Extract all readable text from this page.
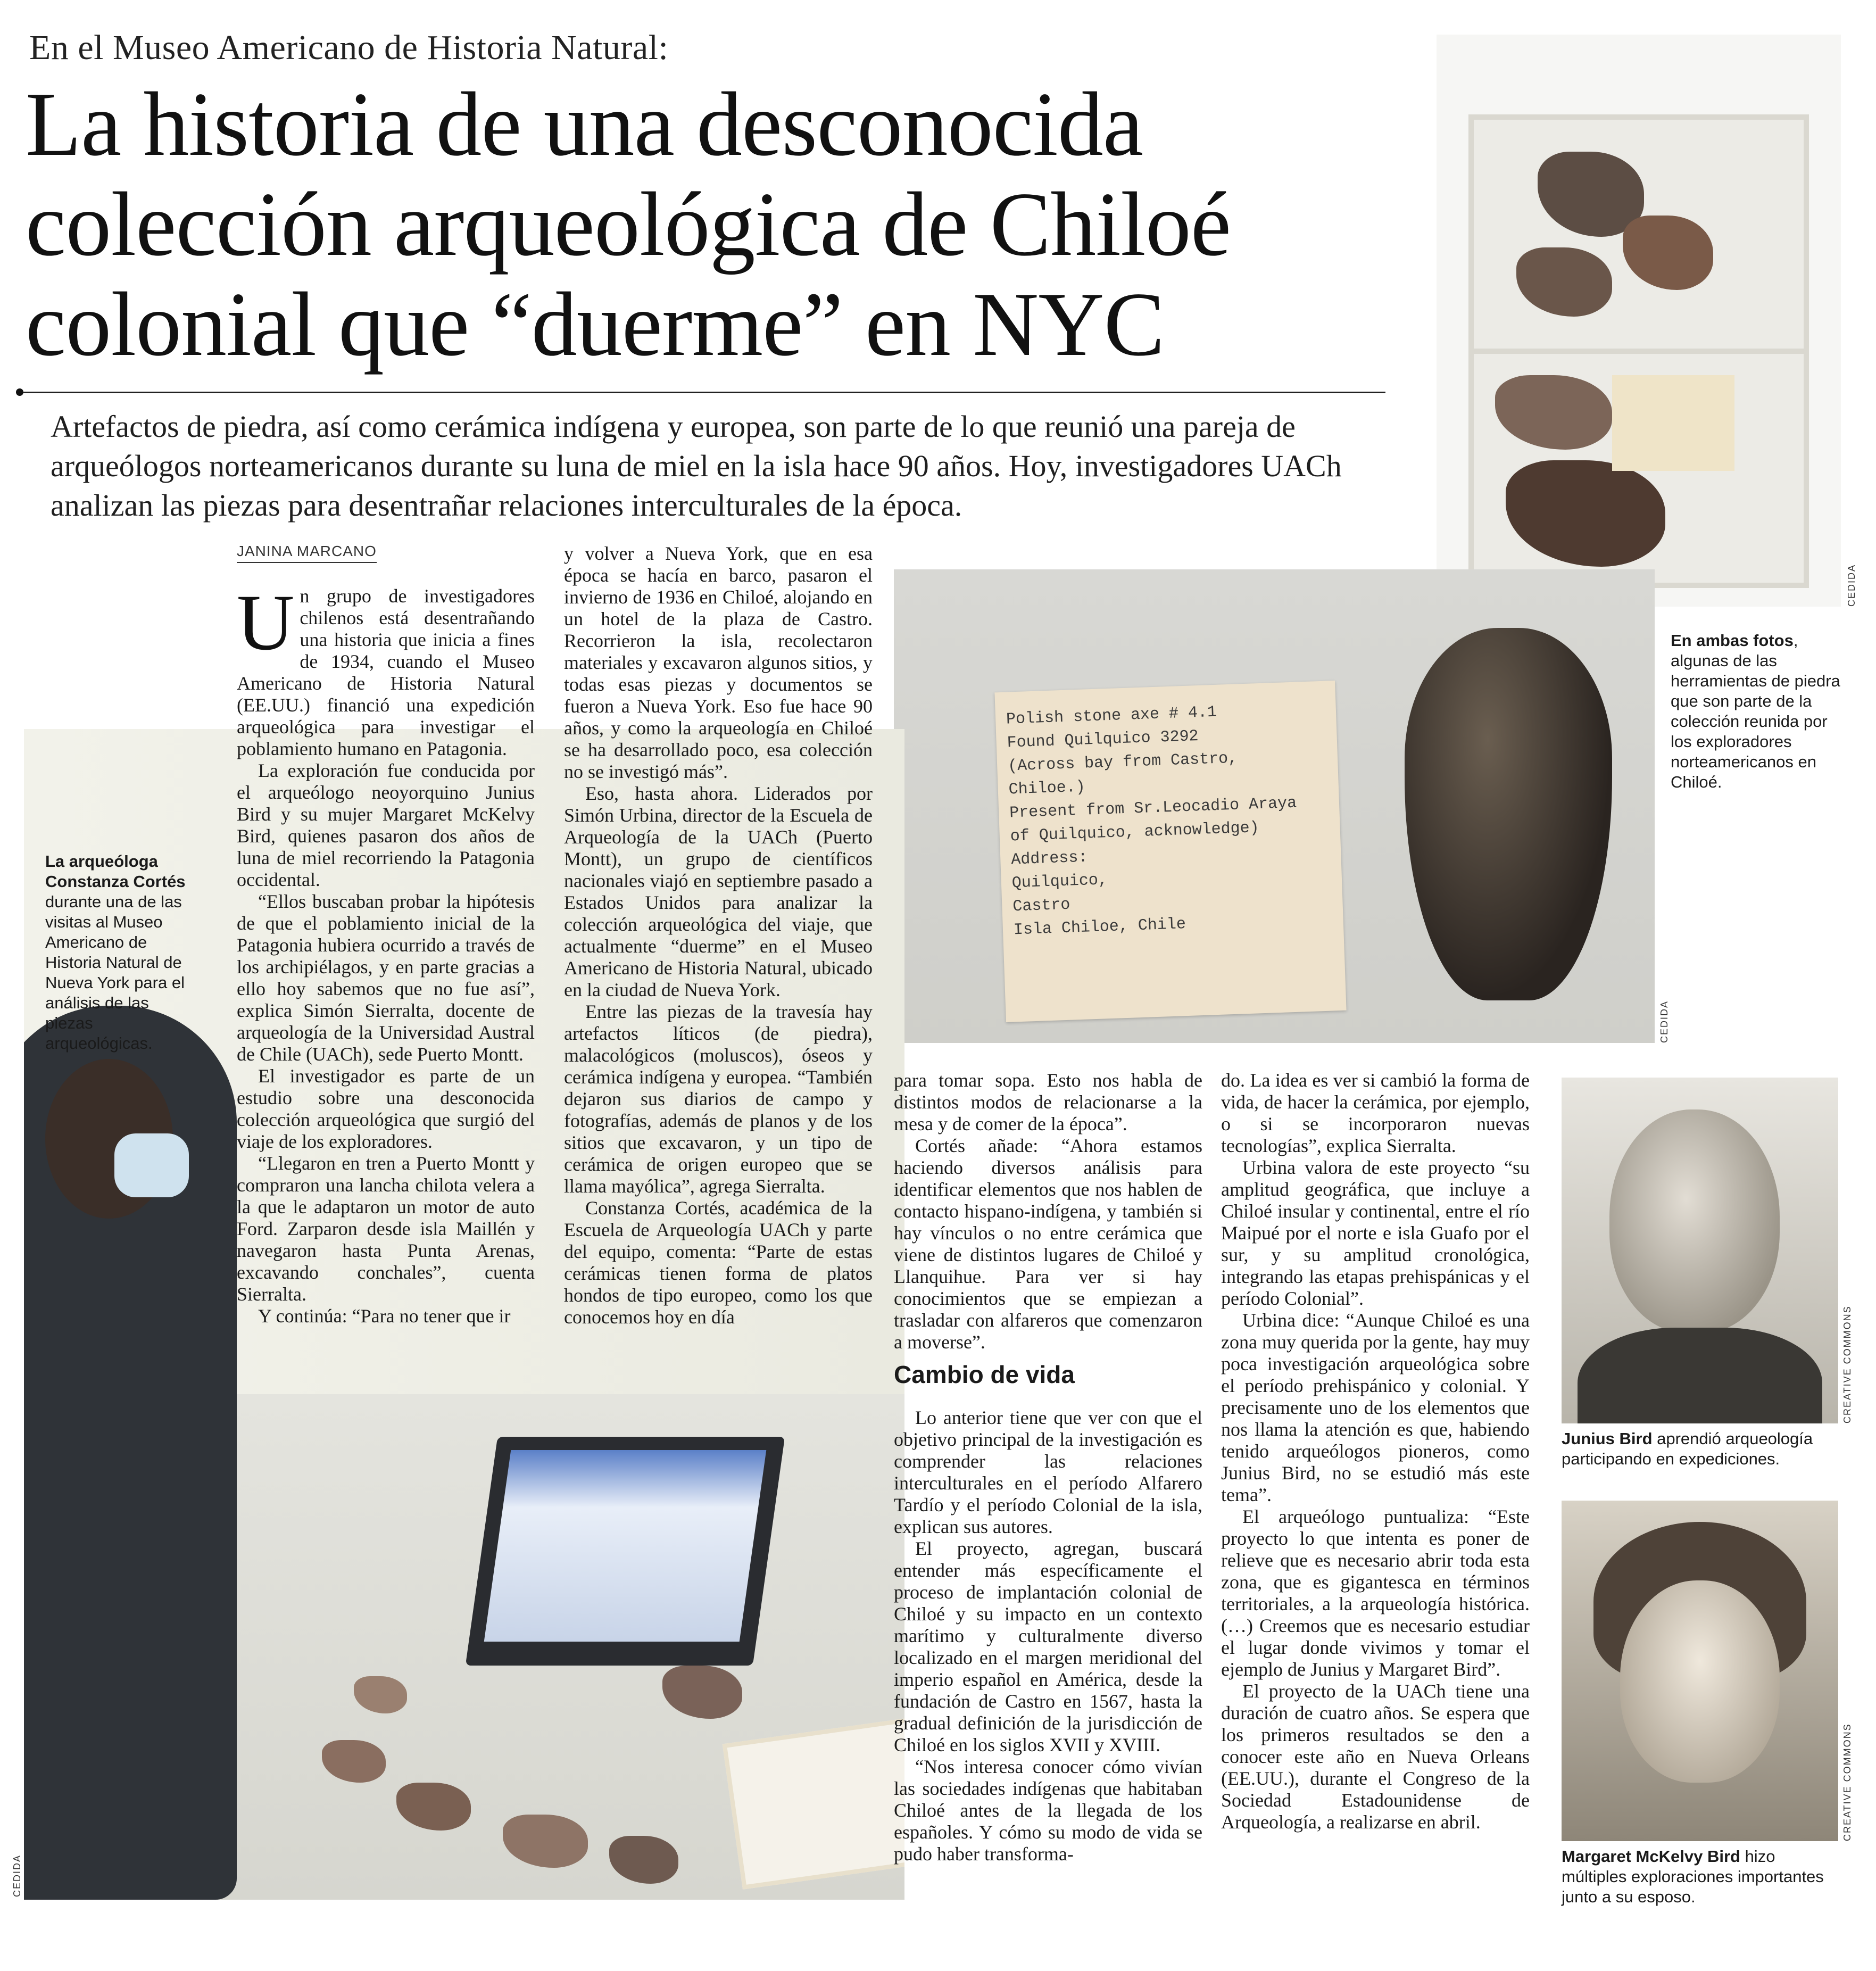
En el Museo Americano de Historia Natural:
La historia de una desconocida colección arqueológica de Chiloé colonial que “duerme” en NYC
Artefactos de piedra, así como cerámica indígena y europea, son parte de lo que reunió una pareja de arqueólogos norteamericanos durante su luna de miel en la isla hace 90 años. Hoy, investigadores UACh analizan las piezas para desentrañar relaciones interculturales de la época.
JANINA MARCANO
CEDIDA
En ambas fotos, algunas de las herramientas de piedra que son parte de la colección reunida por los exploradores norteamericanos en Chiloé.
Polish stone axe # 4.1
Found Quilquico 3292
(Across bay from Castro,
Chiloe.)
Present from Sr.Leocadio Araya
of Quilquico, acknowledge)
Address:
Quilquico,
Castro
Isla Chiloe, Chile
CEDIDA
CEDIDA
La arqueóloga Constanza Cortés durante una de las visitas al Museo Americano de Historia Natural de Nueva York para el análisis de las piezas arqueológicas.
U n grupo de investigadores chilenos está desentrañando una historia que inicia a fines de 1934, cuando el Museo Americano de Historia Natural (EE.UU.) financió una expedición arqueológica para investigar el poblamiento humano en Patagonia.

La exploración fue conducida por el arqueólogo neoyorquino Junius Bird y su mujer Margaret McKelvy Bird, quienes pasaron dos años de luna de miel recorriendo la Patagonia occidental.

“Ellos buscaban probar la hipótesis de que el poblamiento inicial de la Patagonia hubiera ocurrido a través de los archipiélagos, y en parte gracias a ello hoy sabemos que no fue así”, explica Simón Sierralta, docente de arqueología de la Universidad Austral de Chile (UACh), sede Puerto Montt.

El investigador es parte de un estudio sobre una desconocida colección arqueológica que surgió del viaje de los exploradores.

“Llegaron en tren a Puerto Montt y compraron una lancha chilota velera a la que le adaptaron un motor de auto Ford. Zarparon desde isla Maillén y navegaron hasta Punta Arenas, excavando conchales”, cuenta Sierralta.

Y continúa: “Para no tener que ir

y volver a Nueva York, que en esa época se hacía en barco, pasaron el invierno de 1936 en Chiloé, alojando en un hotel de la plaza de Castro. Recorrieron la isla, recolectaron materiales y excavaron algunos sitios, y todas esas piezas y documentos se fueron a Nueva York. Eso fue hace 90 años, y como la arqueología en Chiloé se ha desarrollado poco, esa colección no se investigó más”.

Eso, hasta ahora. Liderados por Simón Urbina, director de la Escuela de Arqueología de la UACh (Puerto Montt), un grupo de científicos nacionales viajó en septiembre pasado a Estados Unidos para analizar la colección arqueológica del viaje, que actualmente “duerme” en el Museo Americano de Historia Natural, ubicado en la ciudad de Nueva York.

Entre las piezas de la travesía hay artefactos líticos (de piedra), malacológicos (moluscos), óseos y cerámica indígena y europea. “También dejaron sus diarios de campo y fotografías, además de planos y de los sitios que excavaron, y un tipo de cerámica de origen europeo que se llama mayólica”, agrega Sierralta.

Constanza Cortés, académica de la Escuela de Arqueología UACh y parte del equipo, comenta: “Parte de estas cerámicas tienen forma de platos hondos de tipo europeo, como los que conocemos hoy en día

para tomar sopa. Esto nos habla de distintos modos de relacionarse a la mesa y de comer de la época”.

Cortés añade: “Ahora estamos haciendo diversos análisis para identificar elementos que nos hablen de contacto hispano-indígena, y también si hay vínculos o no entre cerámica que viene de distintos lugares de Chiloé y Llanquihue. Para ver si hay conocimientos que se empiezan a trasladar con alfareros que comenzaron a moverse”.

Cambio de vida

Lo anterior tiene que ver con que el objetivo principal de la investigación es comprender las relaciones interculturales en el período Alfarero Tardío y el período Colonial de la isla, explican sus autores.

El proyecto, agregan, buscará entender más específicamente el proceso de implantación colonial de Chiloé y su impacto en un contexto marítimo y culturalmente diverso localizado en el margen meridional del imperio español en América, desde la fundación de Castro en 1567, hasta la gradual definición de la jurisdicción de Chiloé en los siglos XVII y XVIII.

“Nos interesa conocer cómo vivían las sociedades indígenas que habitaban Chiloé antes de la llegada de los españoles. Y cómo su modo de vida se pudo haber transforma-

do. La idea es ver si cambió la forma de vida, de hacer la cerámica, por ejemplo, o si se incorporaron nuevas tecnologías”, explica Sierralta.

Urbina valora de este proyecto “su amplitud geográfica, que incluye a Chiloé insular y continental, entre el río Maipué por el norte e isla Guafo por el sur, y su amplitud cronológica, integrando las etapas prehispánicas y el período Colonial”.

Urbina dice: “Aunque Chiloé es una zona muy querida por la gente, hay muy poca investigación arqueológica sobre el período prehispánico y colonial. Y precisamente uno de los elementos que nos llama la atención es que, habiendo tenido arqueólogos pioneros, como Junius Bird, no se estudió más este tema”.

El arqueólogo puntualiza: “Este proyecto lo que intenta es poner de relieve que es necesario abrir toda esta zona, que es gigantesca en términos territoriales, a la arqueología histórica. (…) Creemos que es necesario estudiar el lugar donde vivimos y tomar el ejemplo de Junius y Margaret Bird”.

El proyecto de la UACh tiene una duración de cuatro años. Se espera que los primeros resultados se den a conocer este año en Nueva Orleans (EE.UU.), durante el Congreso de la Sociedad Estadounidense de Arqueología, a realizarse en abril.

CREATIVE COMMONS
Junius Bird aprendió arqueología participando en expediciones.
CREATIVE COMMONS
Margaret McKelvy Bird hizo múltiples exploraciones importantes junto a su esposo.
